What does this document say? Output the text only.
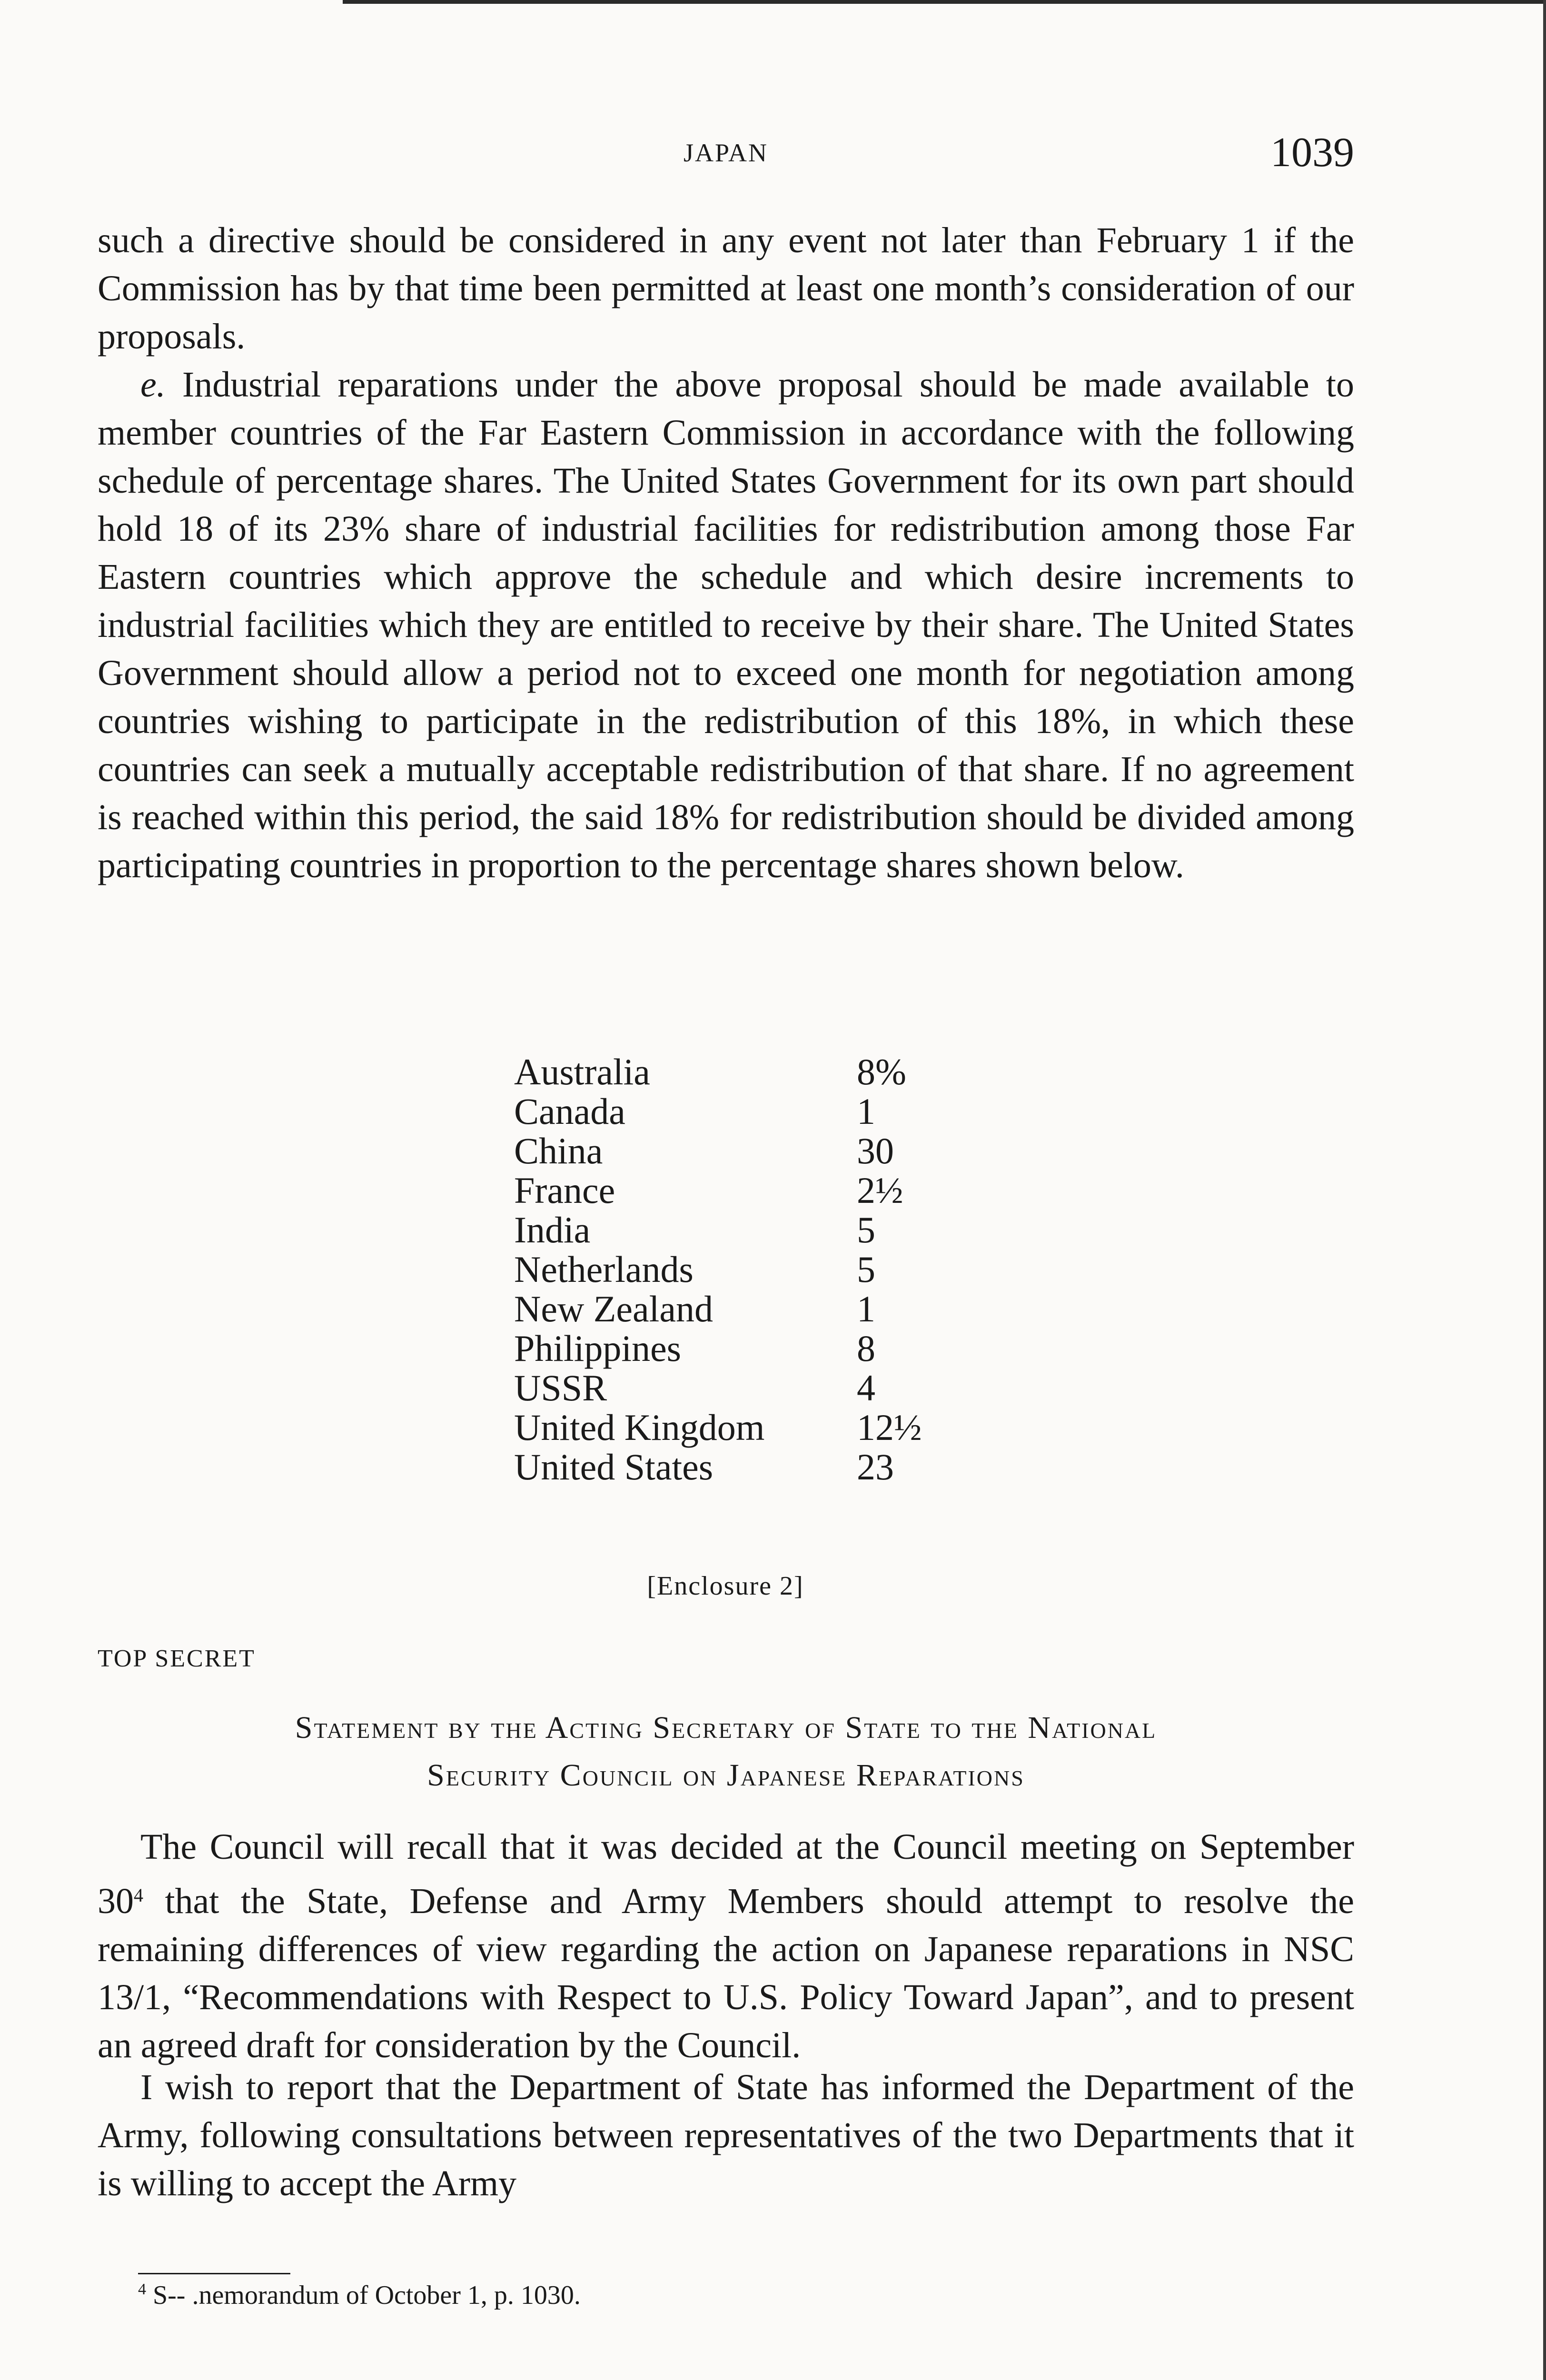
JAPAN	1039

such a directive should be considered in any event not later than February 1 if the Commission has by that time been permitted at least one month’s consideration of our proposals.

e. Industrial reparations under the above proposal should be made available to member countries of the Far Eastern Commission in accordance with the following schedule of percentage shares. The United States Government for its own part should hold 18 of its 23% share of industrial facilities for redistribution among those Far Eastern countries which approve the schedule and which desire increments to industrial facilities which they are entitled to receive by their share. The United States Government should allow a period not to exceed one month for negotiation among countries wishing to participate in the redistribution of this 18%, in which these countries can seek a mutually acceptable redistribution of that share. If no agreement is reached within this period, the said 18% for redistribution should be divided among participating countries in proportion to the percentage shares shown below.

Australia	8%
Canada	1
China	30
France	2½
India	5
Netherlands	5
New Zealand	1
Philippines	8
USSR	4
United Kingdom	12½
United States	23
[Enclosure 2]
TOP SECRET
Statement by the Acting Secretary of State to the National
Security Council on Japanese Reparations

The Council will recall that it was decided at the Council meeting on September 30$^4$ that the State, Defense and Army Members should attempt to resolve the remaining differences of view regarding the action on Japanese reparations in NSC 13/1, “Recommendations with Respect to U.S. Policy Toward Japan”, and to present an agreed draft for consideration by the Council.

I wish to report that the Department of State has informed the Department of the Army, following consultations between representatives of the two Departments that it is willing to accept the Army

$^4$ S‐‐ .nemorandum of October 1, p. 1030.
